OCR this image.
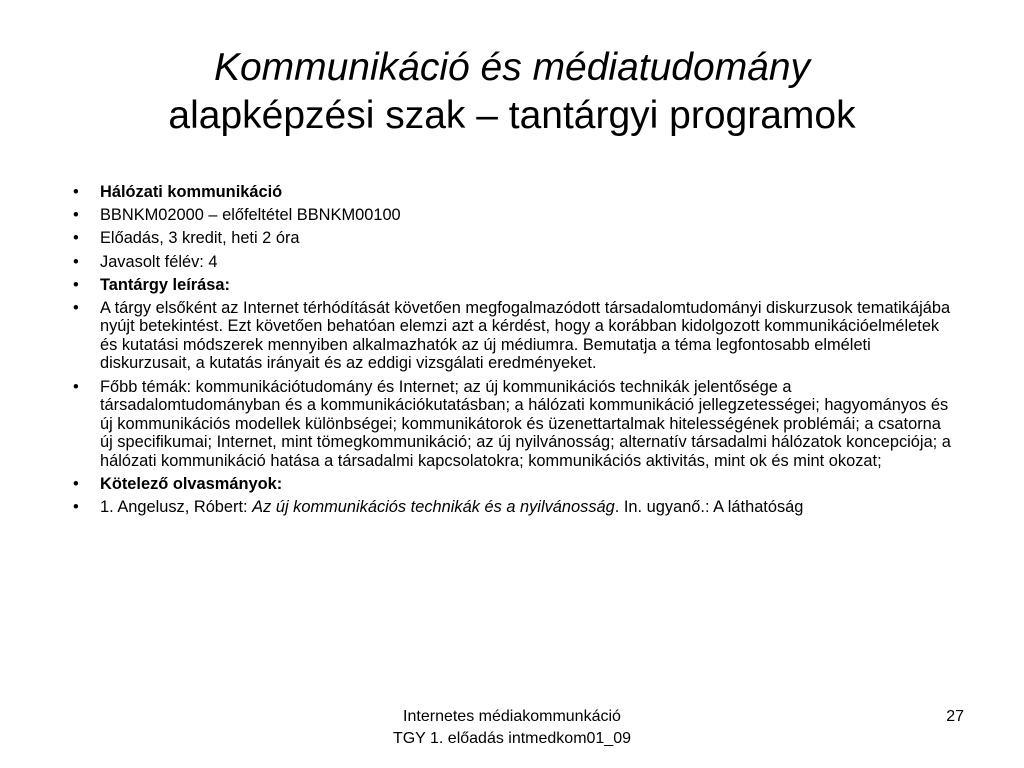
Kommunikáció és médiatudomány
alapképzési szak – tantárgyi programok
•	Hálózati kommunikáció
•	BBNKM02000 – előfeltétel BBNKM00100
•	Előadás, 3 kredit, heti 2 óra
•	Javasolt félév: 4
•	Tantárgy leírása:
•	A tárgy elsőként az Internet térhódítását követően megfogalmazódott társadalomtudományi diskurzusok tematikájába nyújt betekintést. Ezt követően behatóan elemzi azt a kérdést, hogy a korábban kidolgozott kommunikációelméletek és kutatási módszerek mennyiben alkalmazhatók az új médiumra. Bemutatja a téma legfontosabb elméleti diskurzusait, a kutatás irányait és az eddigi vizsgálati eredményeket.
•	Főbb témák: kommunikációtudomány és Internet; az új kommunikációs technikák jelentősége a társadalomtudományban és a kommunikációkutatásban; a hálózati kommunikáció jellegzetességei; hagyományos és új kommunikációs modellek különbségei; kommunikátorok és üzenettartalmak hitelességének problémái; a csatorna új specifikumai; Internet, mint tömegkommunikáció; az új nyilvánosság; alternatív társadalmi hálózatok koncepciója; a hálózati kommunikáció hatása a társadalmi kapcsolatokra; kommunikációs aktivitás, mint ok és mint okozat;
•	Kötelező olvasmányok:
•	1. Angelusz, Róbert: Az új kommunikációs technikák és a nyilvánosság. In. ugyanő.: A láthatóság
Internetes médiakommunkáció
TGY 1. előadás intmedkom01_09
27
